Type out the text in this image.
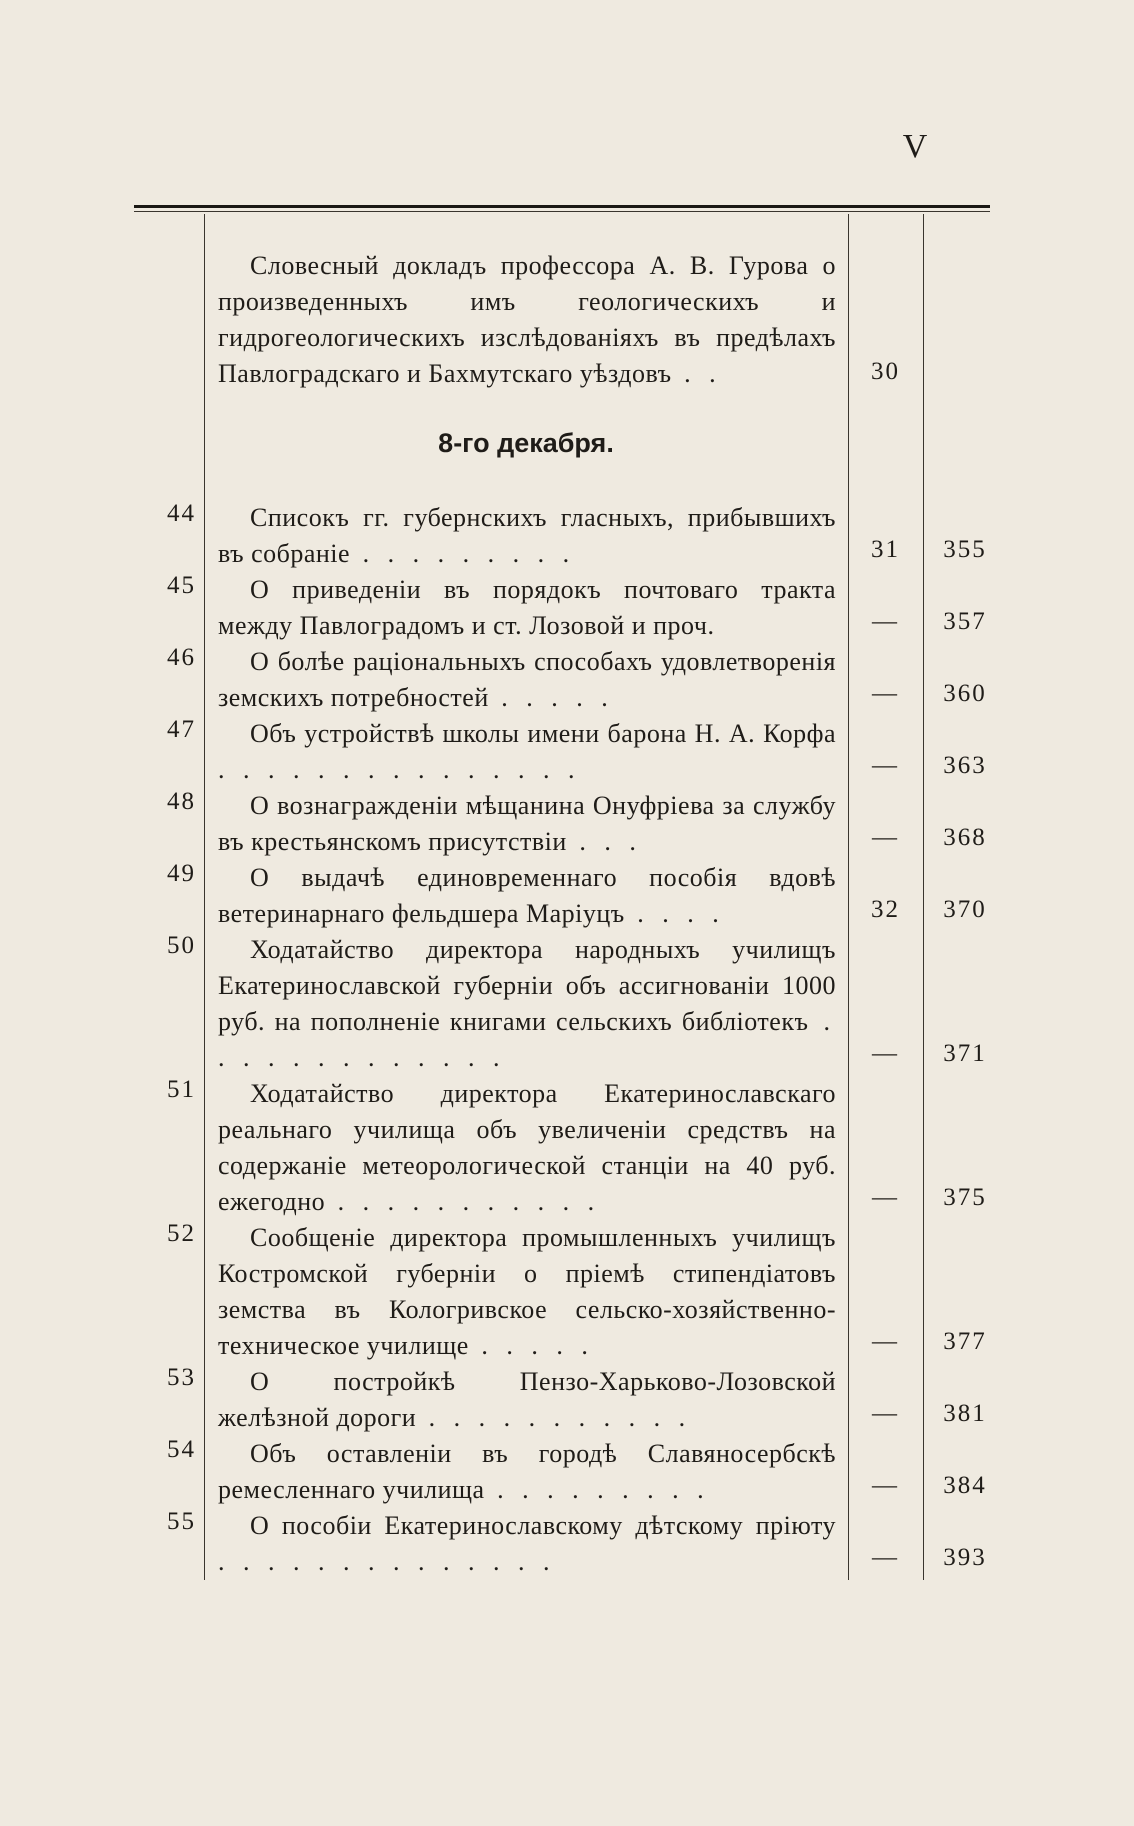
V
Словесный докладъ профессора А. В. Гурова о произведенныхъ имъ геологическихъ и гидрогеологическихъ изслѣдованіяхъ въ предѣлахъ Павлоградскаго и Бахмутскаго уѣздовъ . .	30
8-го декабря.
44	Списокъ гг. губернскихъ гласныхъ, прибывшихъ въ собраніе . . . . . . . . .	31	355
45	О приведеніи въ порядокъ почтоваго тракта между Павлоградомъ и ст. Лозовой и проч.	—	357
46	О болѣе раціональныхъ способахъ удовлетворенія земскихъ потребностей . . . . .	—	360
47	Объ устройствѣ школы имени барона Н. А. Корфа . . . . . . . . . . . . . . .	—	363
48	О вознагражденіи мѣщанина Онуфріева за службу въ крестьянскомъ присутствіи . . .	—	368
49	О выдачѣ единовременнаго пособія вдовѣ ветеринарнаго фельдшера Маріуцъ . . . .	32	370
50	Ходатайство директора народныхъ училищъ Екатеринославской губерніи объ ассигнованіи 1000 руб. на пополненіе книгами сельскихъ библіотекъ . . . . . . . . . . . . .	—	371
51	Ходатайство директора Екатеринославскаго реальнаго училища объ увеличеніи средствъ на содержаніе метеорологической станціи на 40 руб. ежегодно . . . . . . . . . . .	—	375
52	Сообщеніе директора промышленныхъ училищъ Костромской губерніи о пріемѣ стипендіатовъ земства въ Кологривское сельско-хозяйственно-техническое училище . . . . .	—	377
53	О постройкѣ Пензо-Харьково-Лозовской желѣзной дороги . . . . . . . . . . .	—	381
54	Объ оставленіи въ городѣ Славяносербскѣ ремесленнаго училища . . . . . . . . .	—	384
55	О пособіи Екатеринославскому дѣтскому пріюту . . . . . . . . . . . . . .	—	393
